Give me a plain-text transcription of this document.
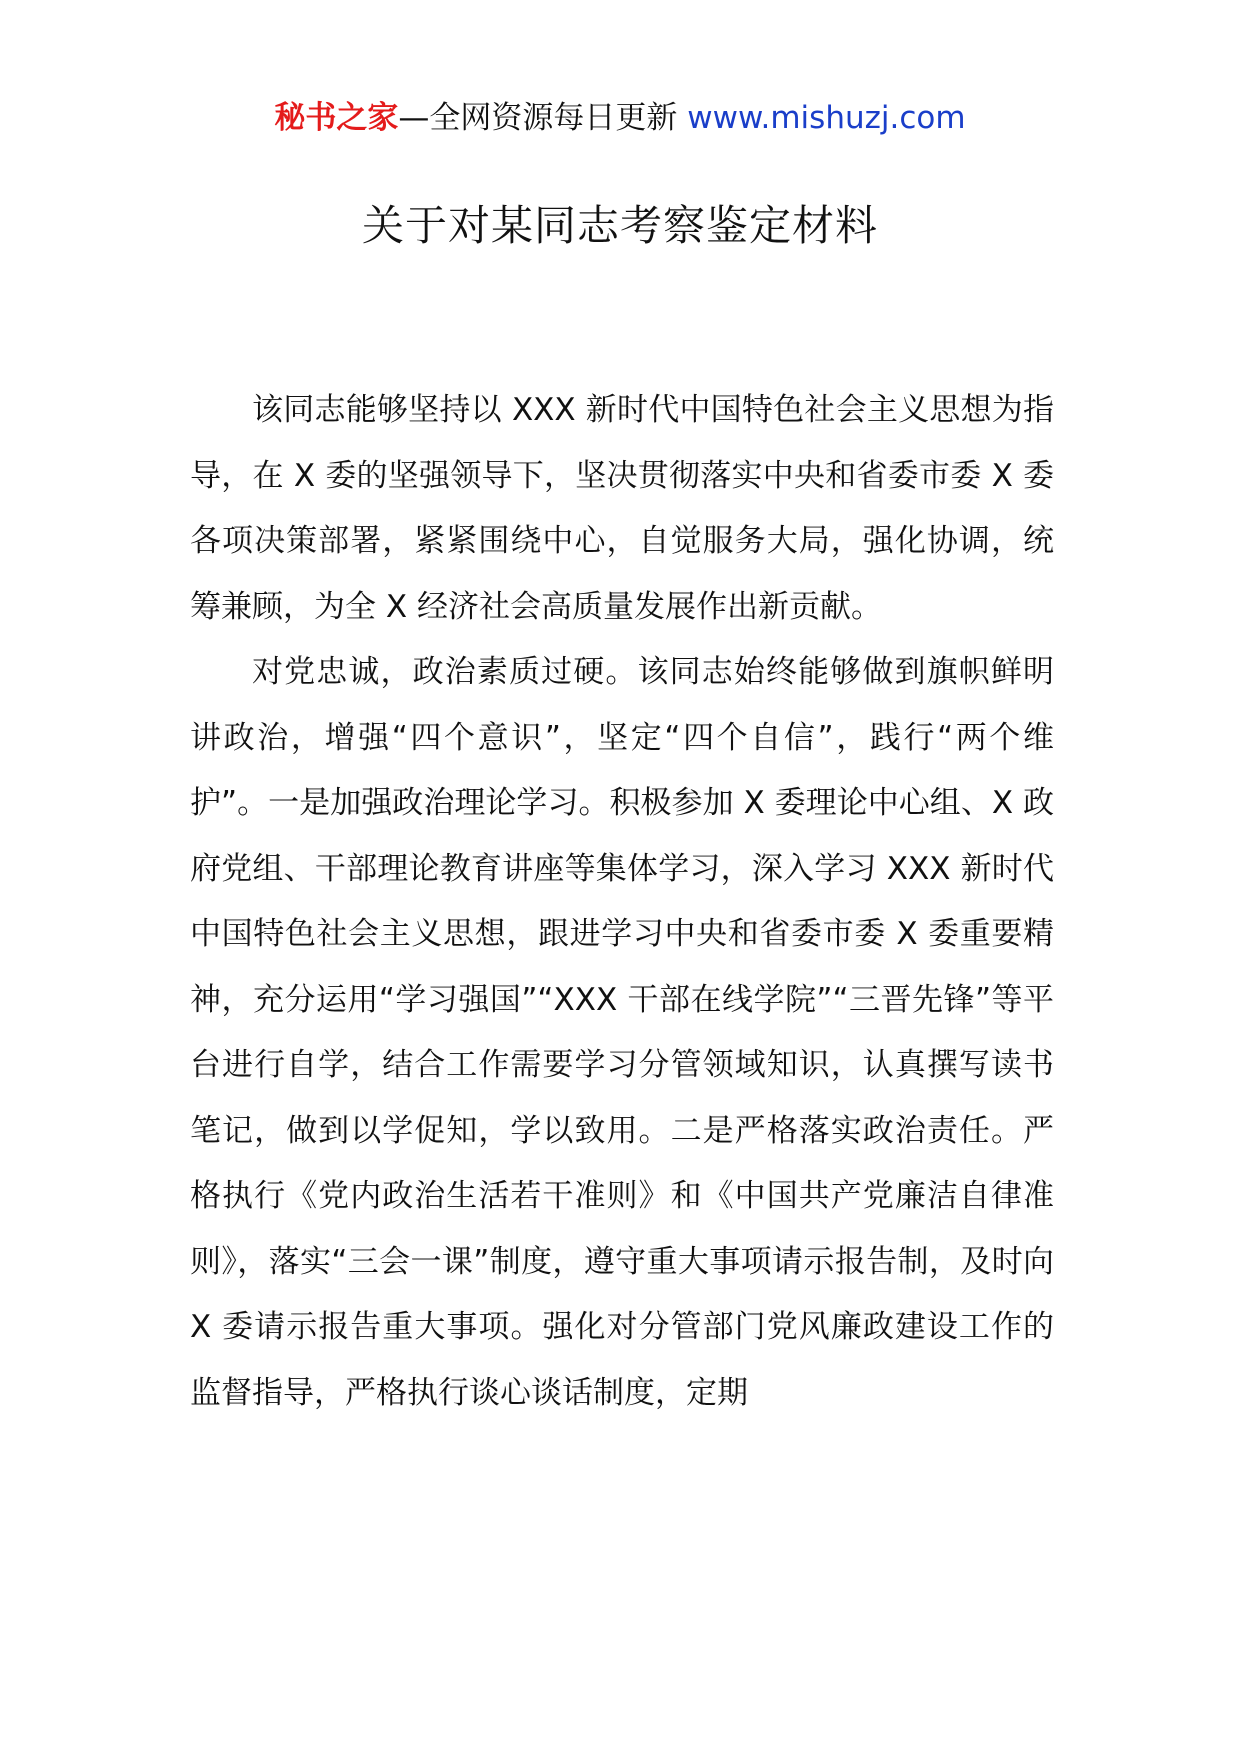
秘书之家—全网资源每日更新 www.mishuzj.com
关于对某同志考察鉴定材料

该同志能够坚持以 XXX 新时代中国特色社会主义思想为指导，在 X 委的坚强领导下，坚决贯彻落实中央和省委市委 X 委各项决策部署，紧紧围绕中心，自觉服务大局，强化协调，统筹兼顾，为全 X 经济社会高质量发展作出新贡献。

对党忠诚，政治素质过硬。该同志始终能够做到旗帜鲜明讲政治，增强“四个意识”，坚定“四个自信”，践行“两个维护”。一是加强政治理论学习。积极参加 X 委理论中心组、X 政府党组、干部理论教育讲座等集体学习，深入学习 XXX 新时代中国特色社会主义思想，跟进学习中央和省委市委 X 委重要精神，充分运用“学习强国”“XXX 干部在线学院”“三晋先锋”等平台进行自学，结合工作需要学习分管领域知识，认真撰写读书笔记，做到以学促知，学以致用。二是严格落实政治责任。严格执行《党内政治生活若干准则》和《中国共产党廉洁自律准则》，落实“三会一课”制度，遵守重大事项请示报告制，及时向 X 委请示报告重大事项。强化对分管部门党风廉政建设工作的监督指导，严格执行谈心谈话制度，定期
